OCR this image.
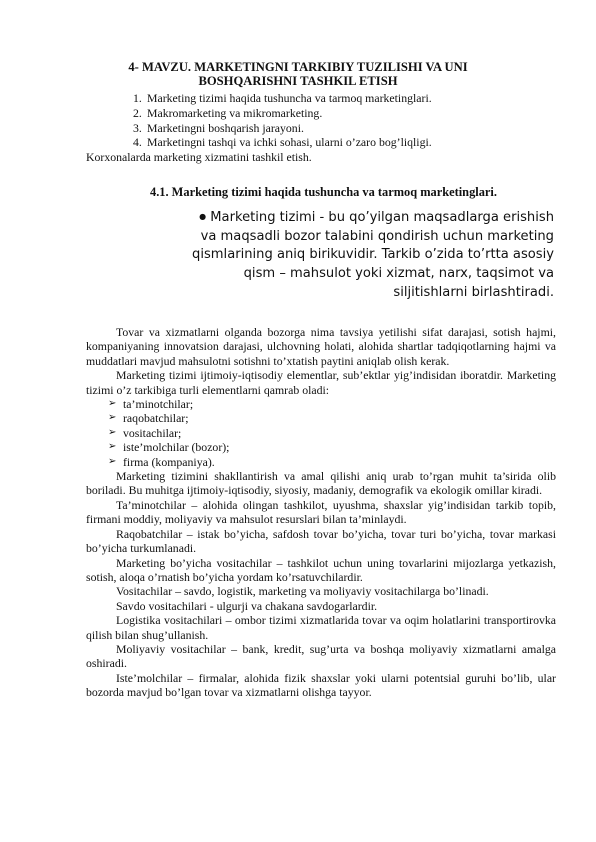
4- MAVZU. MARKETINGNI TARKIBIY TUZILISHI VA UNI
BOSHQARISHNI TASHKIL ETISH
1. Marketing tizimi haqida tushuncha va tarmoq marketinglari.
2. Makromarketing va mikromarketing.
3. Marketingni boshqarish jarayoni.
4. Marketingni tashqi va ichki sohasi, ularni o’zaro bog’liqligi.
Korxonalarda marketing xizmatini tashkil etish.
4.1. Marketing tizimi haqida tushuncha va tarmoq marketinglari.
● Marketing tizimi - bu qo’yilgan maqsadlarga erishish
va maqsadli bozor talabini qondirish uchun marketing
qismlarining aniq birikuvidir. Tarkib o’zida to’rtta asosiy
qism – mahsulot yoki xizmat, narx, taqsimot va
siljitishlarni birlashtiradi.

Tovar va xizmatlarni olganda bozorga nima tavsiya yetilishi sifat darajasi, sotish hajmi, kompaniyaning innovatsion darajasi, ulchovning holati, alohida shartlar tadqiqotlarning hajmi va muddatlari mavjud mahsulotni sotishni to’xtatish paytini aniqlab olish kerak.

Marketing tizimi ijtimoiy-iqtisodiy elementlar, sub’ektlar yig’indisidan iboratdir. Marketing tizimi o’z tarkibiga turli elementlarni qamrab oladi:

➢ ta’minotchilar;
➢ raqobatchilar;
➢ vositachilar;
➢ iste’molchilar (bozor);
➢ firma (kompaniya).

Marketing tizimini shakllantirish va amal qilishi aniq urab to’rgan muhit ta’sirida olib boriladi. Bu muhitga ijtimoiy-iqtisodiy, siyosiy, madaniy, demografik va ekologik omillar kiradi.

Ta’minotchilar – alohida olingan tashkilot, uyushma, shaxslar yig’indisidan tarkib topib, firmani moddiy, moliyaviy va mahsulot resurslari bilan ta’minlaydi.

Raqobatchilar – istak bo’yicha, safdosh tovar bo’yicha, tovar turi bo’yicha, tovar markasi bo’yicha turkumlanadi.

Marketing bo’yicha vositachilar – tashkilot uchun uning tovarlarini mijozlarga yetkazish, sotish, aloqa o’rnatish bo’yicha yordam ko’rsatuvchilardir.

Vositachilar – savdo, logistik, marketing va moliyaviy vositachilarga bo’linadi.

Savdo vositachilari - ulgurji va chakana savdogarlardir.

Logistika vositachilari – ombor tizimi xizmatlarida tovar va oqim holatlarini transportirovka qilish bilan shug’ullanish.

Moliyaviy vositachilar – bank, kredit, sug’urta va boshqa moliyaviy xizmatlarni amalga oshiradi.

Iste’molchilar – firmalar, alohida fizik shaxslar yoki ularni potentsial guruhi bo’lib, ular bozorda mavjud bo’lgan tovar va xizmatlarni olishga tayyor.
